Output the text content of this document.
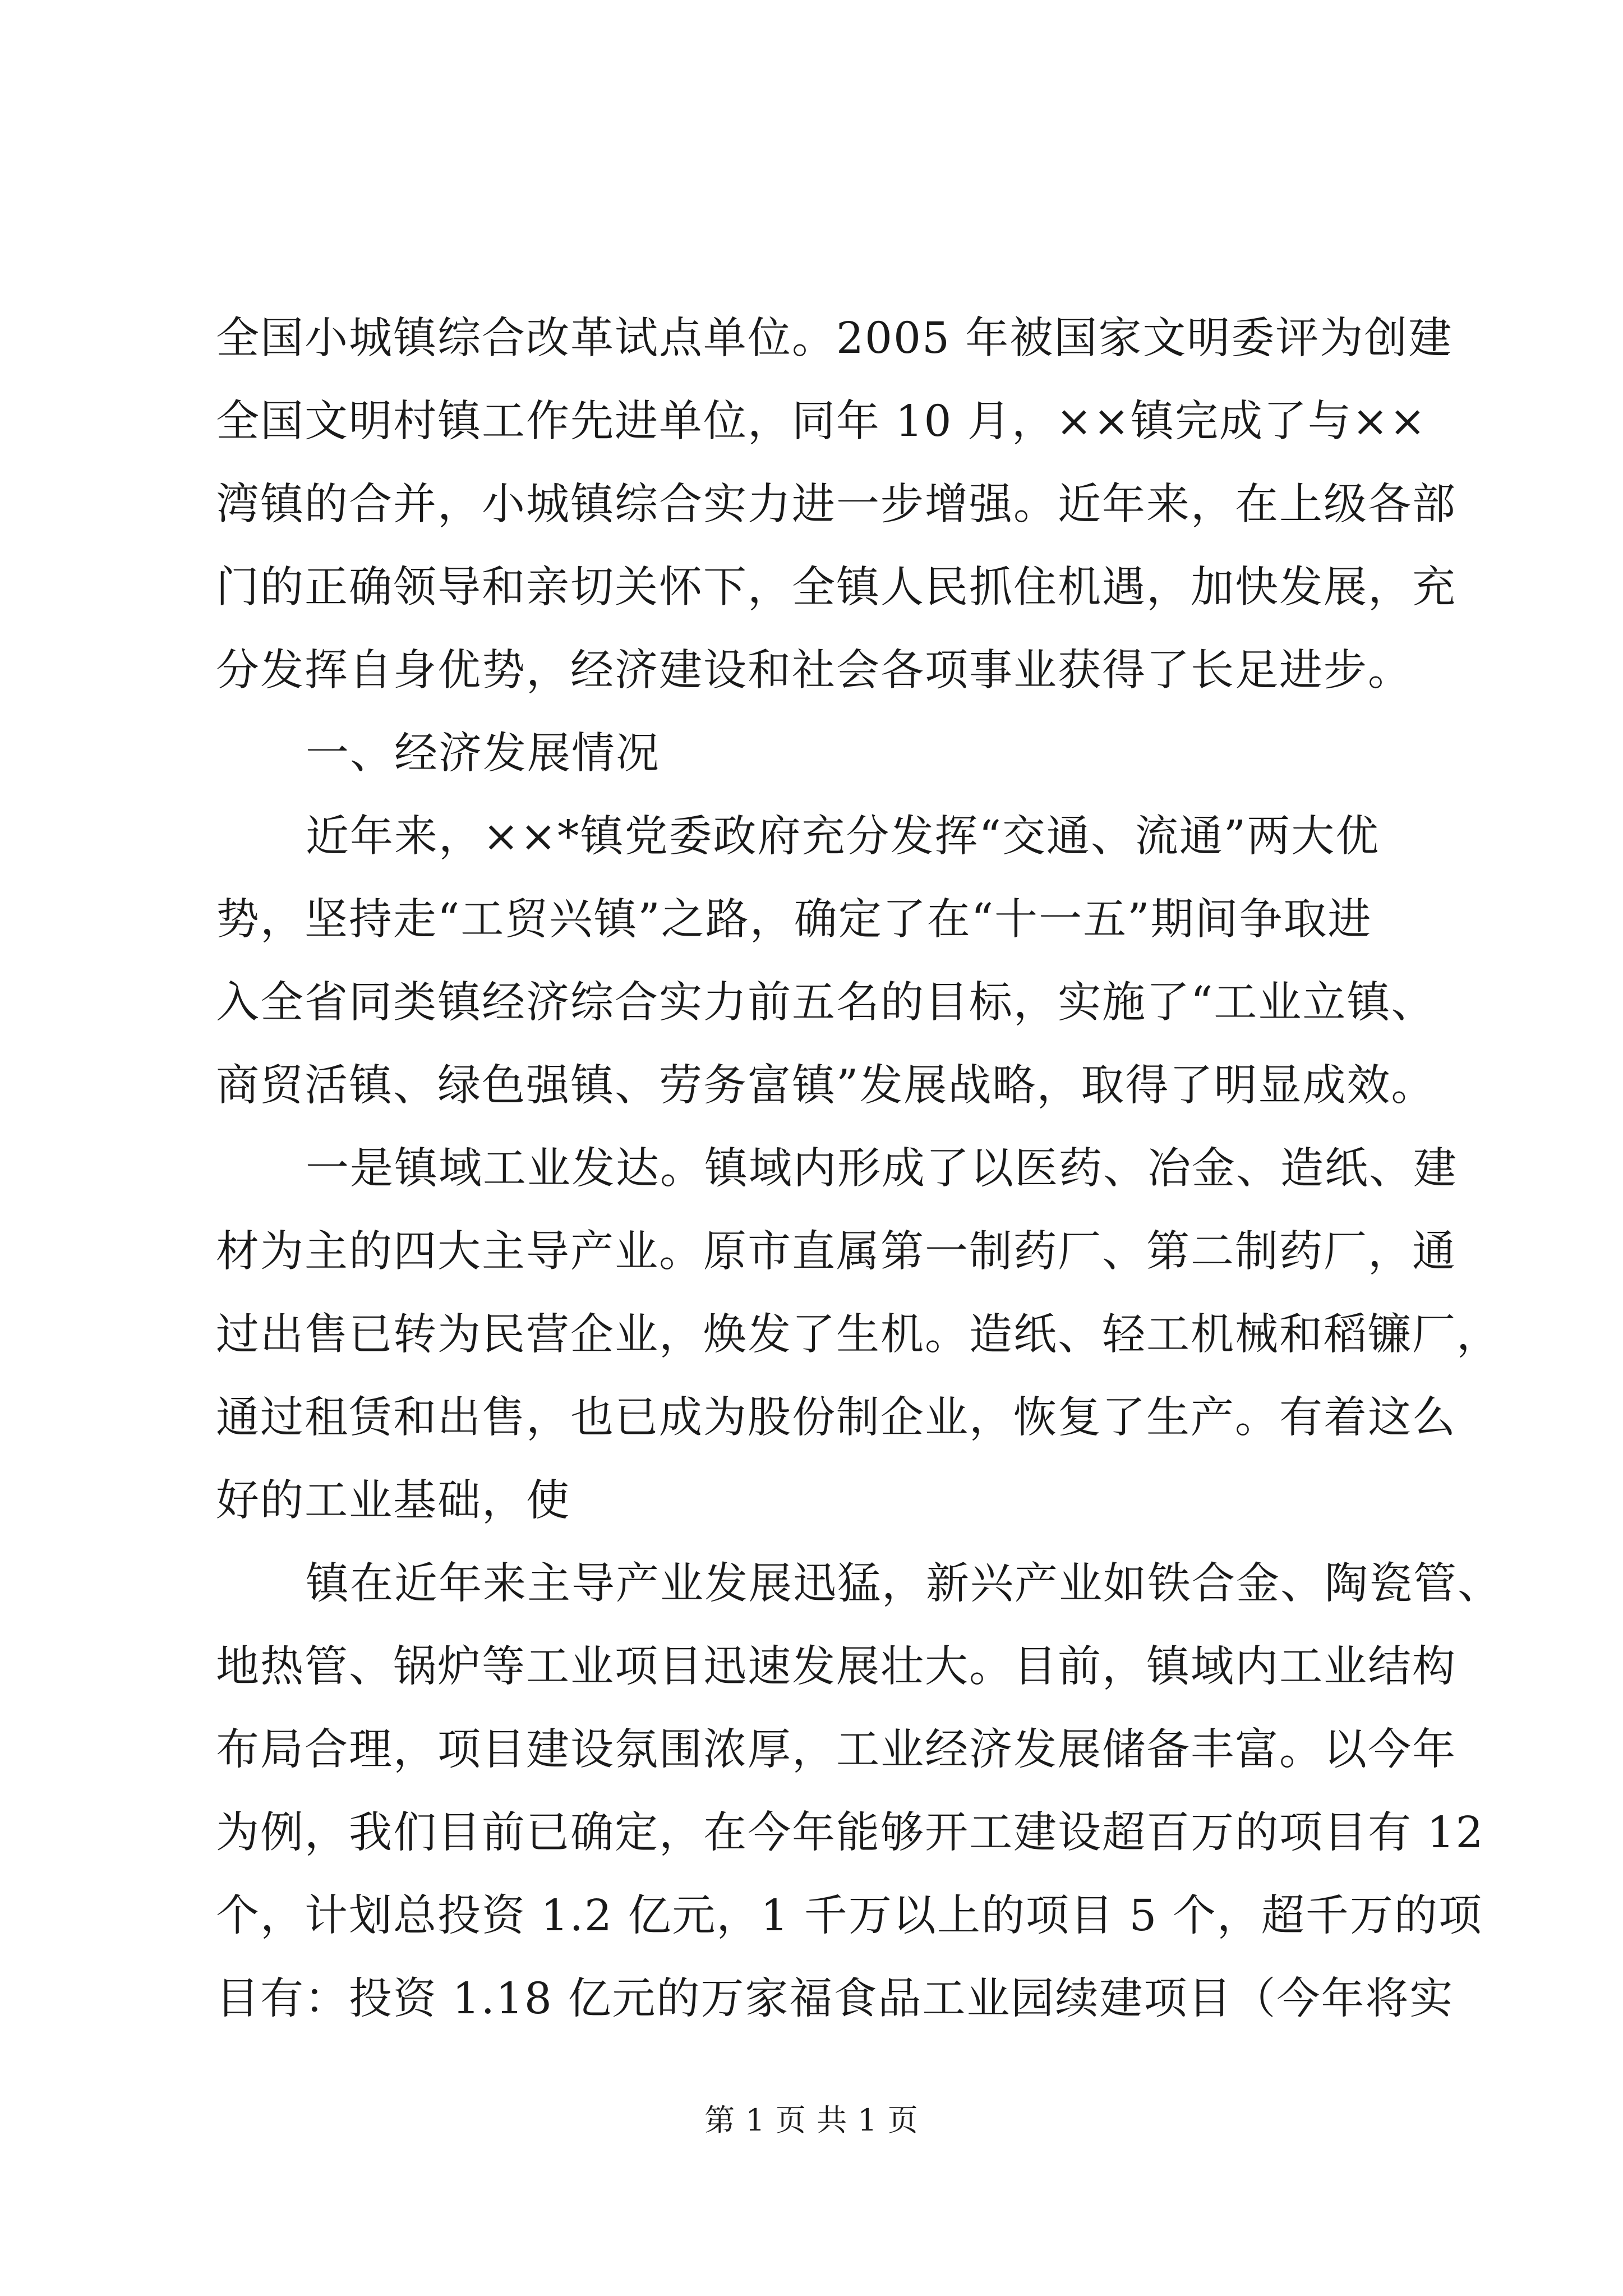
全国小城镇综合改革试点单位。2005 年被国家文明委评为创建
全国文明村镇工作先进单位，同年 10 月，××镇完成了与××
湾镇的合并，小城镇综合实力进一步增强。近年来，在上级各部
门的正确领导和亲切关怀下，全镇人民抓住机遇，加快发展，充
分发挥自身优势，经济建设和社会各项事业获得了长足进步。
一、经济发展情况
近年来，××*镇党委政府充分发挥“交通、流通”两大优
势，坚持走“工贸兴镇”之路，确定了在“十一五”期间争取进
入全省同类镇经济综合实力前五名的目标，实施了“工业立镇、
商贸活镇、绿色强镇、劳务富镇”发展战略，取得了明显成效。
一是镇域工业发达。镇域内形成了以医药、冶金、造纸、建
材为主的四大主导产业。原市直属第一制药厂、第二制药厂，通
过出售已转为民营企业，焕发了生机。造纸、轻工机械和稻镰厂，
通过租赁和出售，也已成为股份制企业，恢复了生产。有着这么
好的工业基础，使
镇在近年来主导产业发展迅猛，新兴产业如铁合金、陶瓷管、
地热管、锅炉等工业项目迅速发展壮大。目前，镇域内工业结构
布局合理，项目建设氛围浓厚，工业经济发展储备丰富。以今年
为例，我们目前已确定，在今年能够开工建设超百万的项目有 12
个，计划总投资 1.2 亿元，1 千万以上的项目 5 个，超千万的项
目有：投资 1.18 亿元的万家福食品工业园续建项目（今年将实
第 1 页 共 1 页
